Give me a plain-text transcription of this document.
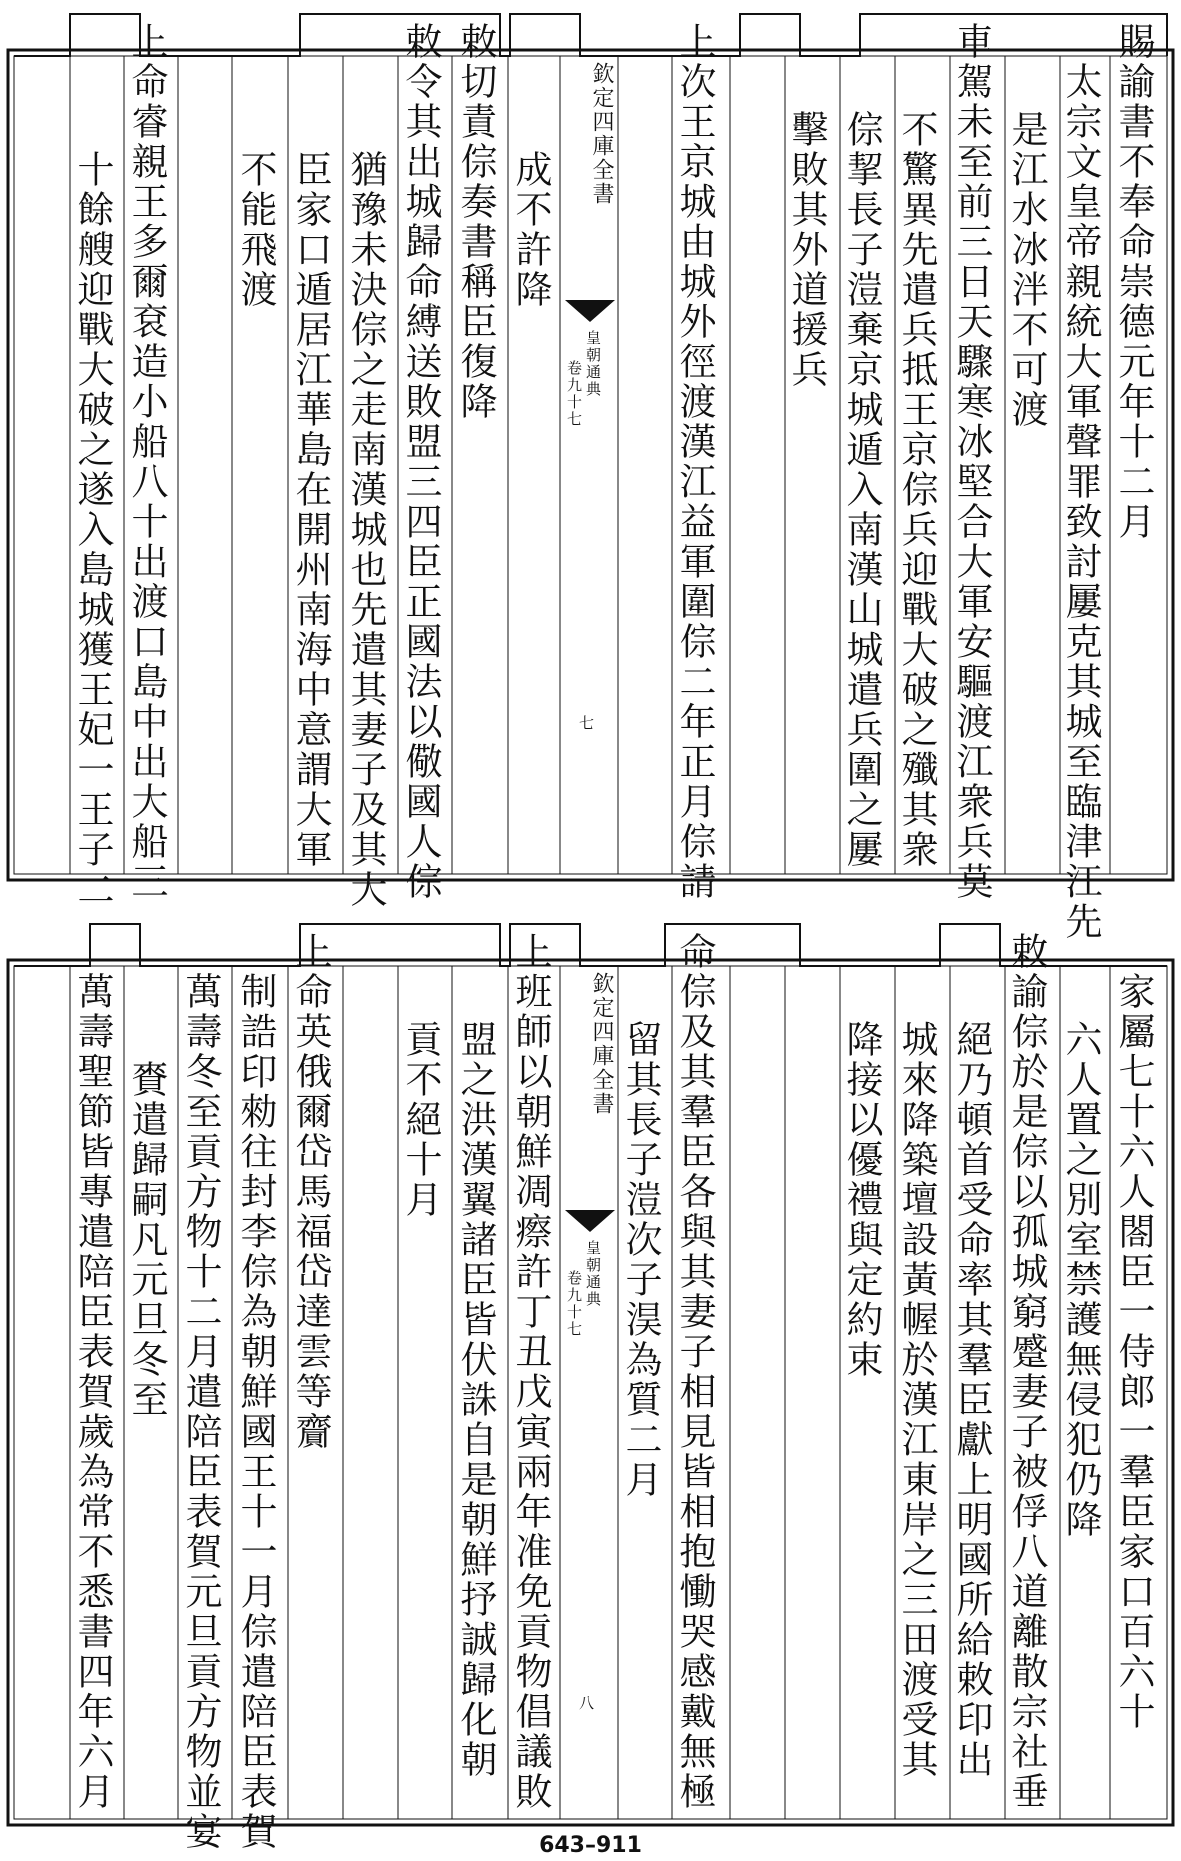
賜諭書不奉命崇德元年十二月
太宗文皇帝親統大軍聲罪致討屢克其城至臨津江先
是江水冰泮不可渡
車駕未至前三日天驟寒冰堅合大軍安驅渡江衆兵莫
不驚異先遣兵抵王京倧兵迎戰大破之殲其衆
倧挈長子溰棄京城遁入南漢山城遣兵圍之屢
擊敗其外道援兵
上次王京城由城外徑渡漢江益軍圍倧二年正月倧請
欽定四庫全書
皇朝通典
卷九十七
七
成不許降
敕切責倧奏書稱臣復降
敕令其出城歸命縛送敗盟三四臣正國法以儆國人倧
猶豫未決倧之走南漢城也先遣其妻子及其大
臣家口遁居江華島在開州南海中意謂大軍
不能飛渡
上命睿親王多爾袞造小船八十出渡口島中出大船三
十餘艘迎戰大破之遂入島城獲王妃一王子二
家屬七十六人閤臣一侍郎一羣臣家口百六十
六人置之別室禁護無侵犯仍降
敕諭倧於是倧以孤城窮蹙妻子被俘八道離散宗社垂
絕乃頓首受命率其羣臣獻上明國所給敕印出
城來降築壇設黃幄於漢江東岸之三田渡受其
降接以優禮與定約束
命倧及其羣臣各與其妻子相見皆相抱慟哭感戴無極
留其長子溰次子淏為質二月
欽定四庫全書
皇朝通典
卷九十七
八
上班師以朝鮮凋瘵許丁丑戊寅兩年准免貢物倡議敗
盟之洪漢翼諸臣皆伏誅自是朝鮮抒誠歸化朝
貢不絕十月
上命英俄爾岱馬福岱達雲等齎
制誥印勑往封李倧為朝鮮國王十一月倧遣陪臣表賀
萬壽冬至貢方物十二月遣陪臣表賀元旦貢方物並宴
賚遣歸嗣凡元旦冬至
萬壽聖節皆專遣陪臣表賀歲為常不悉書四年六月
643–911
